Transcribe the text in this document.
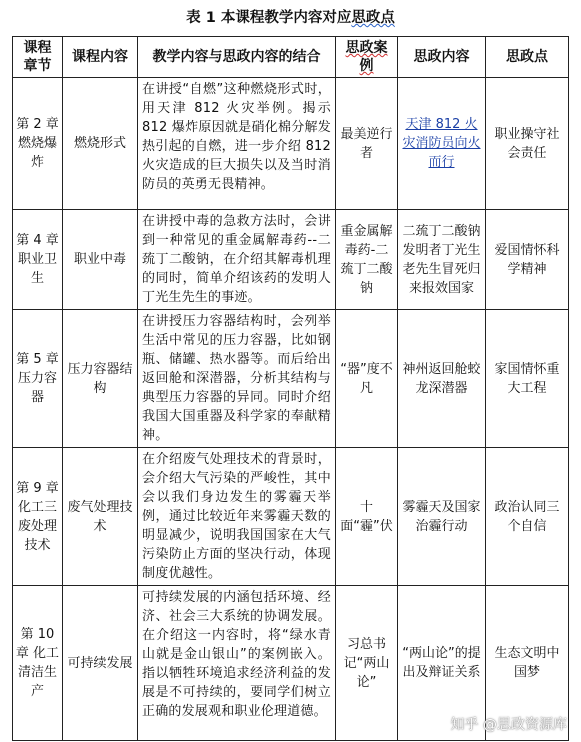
表 1 本课程教学内容对应思政点
课程章节	课程内容	教学内容与思政内容的结合	思政案例	思政内容	思政点
第 2 章 燃烧爆炸	燃烧形式	在讲授“自燃”这种燃烧形式时，用天津 812 火灾举例。揭示 812 爆炸原因就是硝化棉分解发热引起的自燃，进一步介绍 812 火灾造成的巨大损失以及当时消防员的英勇无畏精神。	最美逆行者	天津 812 火灾消防员向火而行	职业操守社会责任
第 4 章 职业卫生	职业中毒	在讲授中毒的急救方法时，会讲到一种常见的重金属解毒药--二巯丁二酸钠，在介绍其解毒机理的同时，简单介绍该药的发明人丁光生先生的事迹。	重金属解毒药-二巯丁二酸钠	二巯丁二酸钠发明者丁光生老先生冒死归来报效国家	爱国情怀科学精神
第 5 章 压力容器	压力容器结构	在讲授压力容器结构时，会列举生活中常见的压力容器，比如钢瓶、储罐、热水器等。而后给出返回舱和深潜器，分析其结构与典型压力容器的异同。同时介绍我国大国重器及科学家的奉献精神。	“器”度不凡	神州返回舱蛟龙深潜器	家国情怀重大工程
第 9 章 化工三废处理技术	废气处理技术	在介绍废气处理技术的背景时，会介绍大气污染的严峻性，其中会以我们身边发生的雾霾天举例，通过比较近年来雾霾天数的明显减少，说明我国国家在大气污染防止方面的坚决行动，体现制度优越性。	十面“霾”伏	雾霾天及国家治霾行动	政治认同三个自信
第 10 章 化工清洁生产	可持续发展	可持续发展的内涵包括环境、经济、社会三大系统的协调发展。在介绍这一内容时，将“绿水青山就是金山银山”的案例嵌入。指以牺牲环境追求经济利益的发展是不可持续的，要同学们树立正确的发展观和职业伦理道德。	习总书记“两山论”	“两山论”的提出及辩证关系	生态文明中国梦
知乎 @思政资源库
